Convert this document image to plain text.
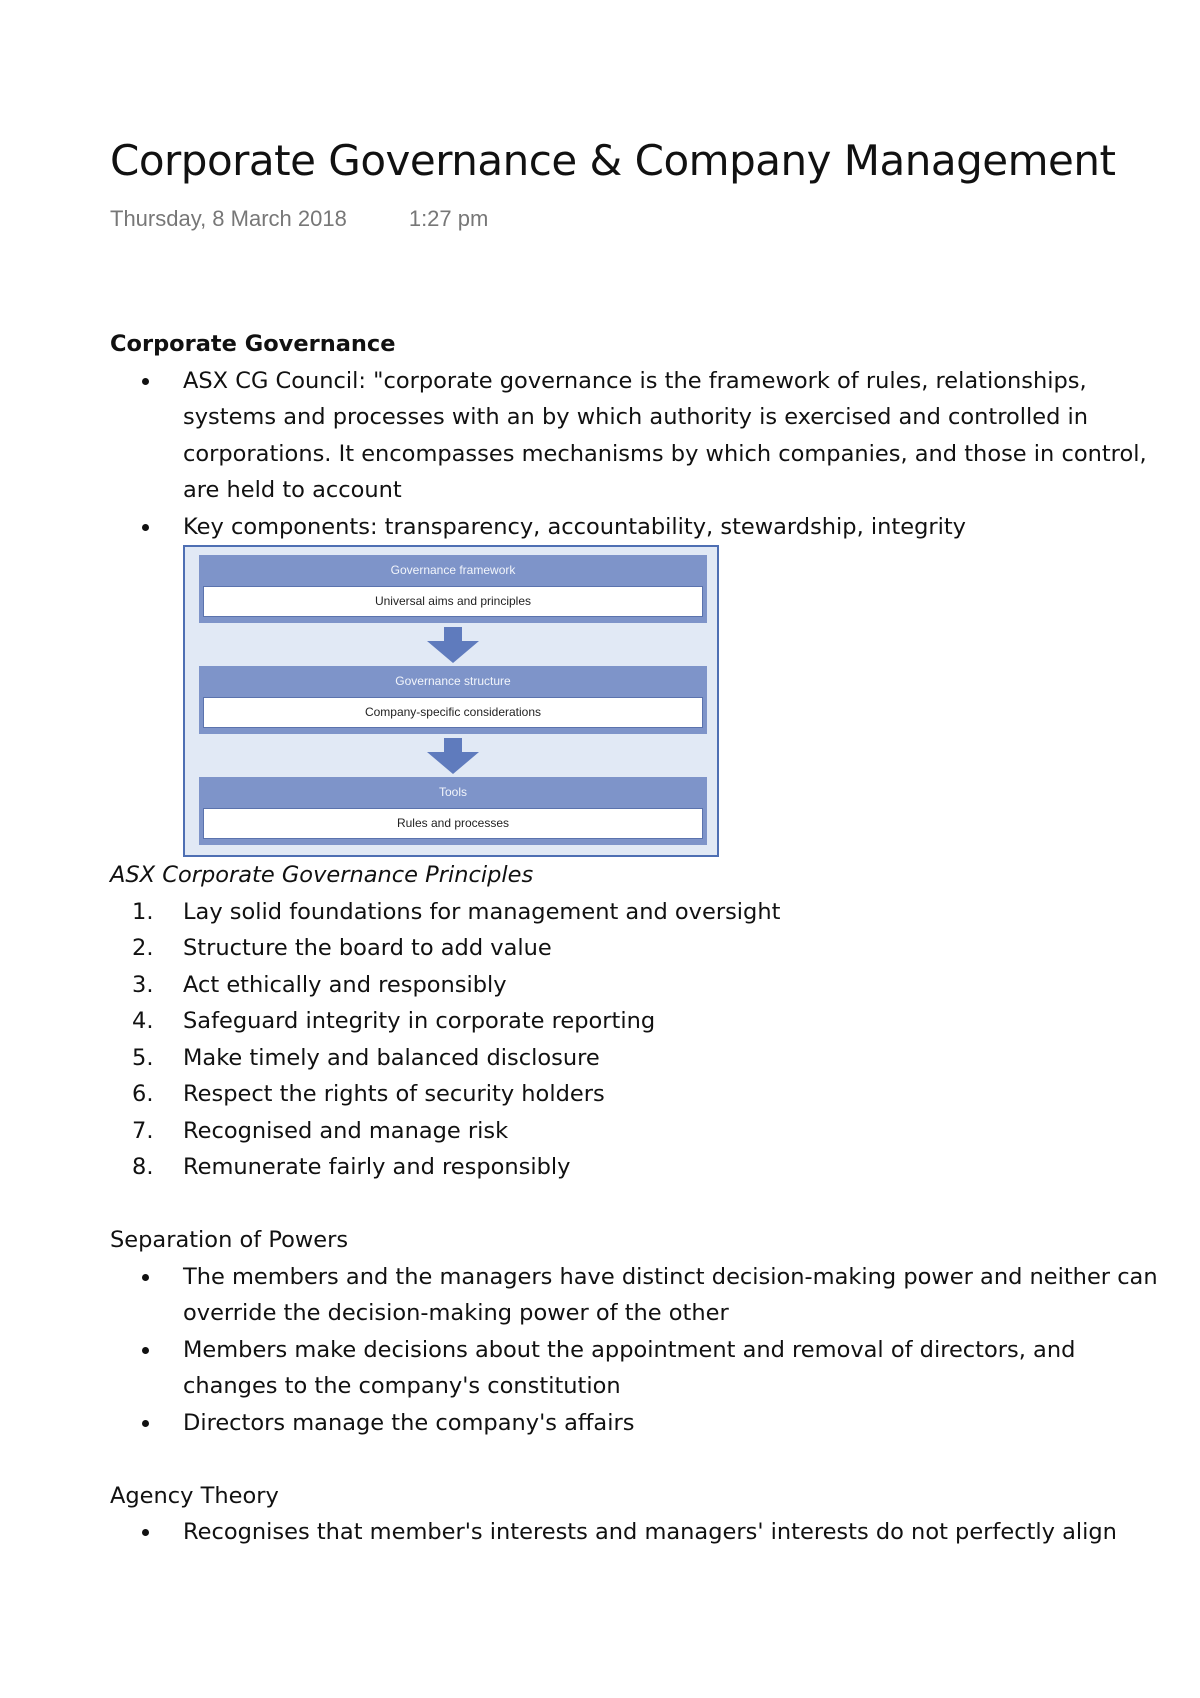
Corporate Governance & Company Management
Thursday, 8 March 2018	1:27 pm

Corporate Governance

ASX CG Council: "corporate governance is the framework of rules, relationships, systems and processes with an by which authority is exercised and controlled in corporations. It encompasses mechanisms by which companies, and those in control, are held to account
Key components: transparency, accountability, stewardship, integrity
Governance framework
Universal aims and principles
Governance structure
Company-specific considerations
Tools
Rules and processes

ASX Corporate Governance Principles

1. Lay solid foundations for management and oversight
2. Structure the board to add value
3. Act ethically and responsibly
4. Safeguard integrity in corporate reporting
5. Make timely and balanced disclosure
6. Respect the rights of security holders
7. Recognised and manage risk
8. Remunerate fairly and responsibly

Separation of Powers

The members and the managers have distinct decision-making power and neither can override the decision-making power of the other
Members make decisions about the appointment and removal of directors, and changes to the company's constitution
Directors manage the company's affairs

Agency Theory

Recognises that member's interests and managers' interests do not perfectly align
